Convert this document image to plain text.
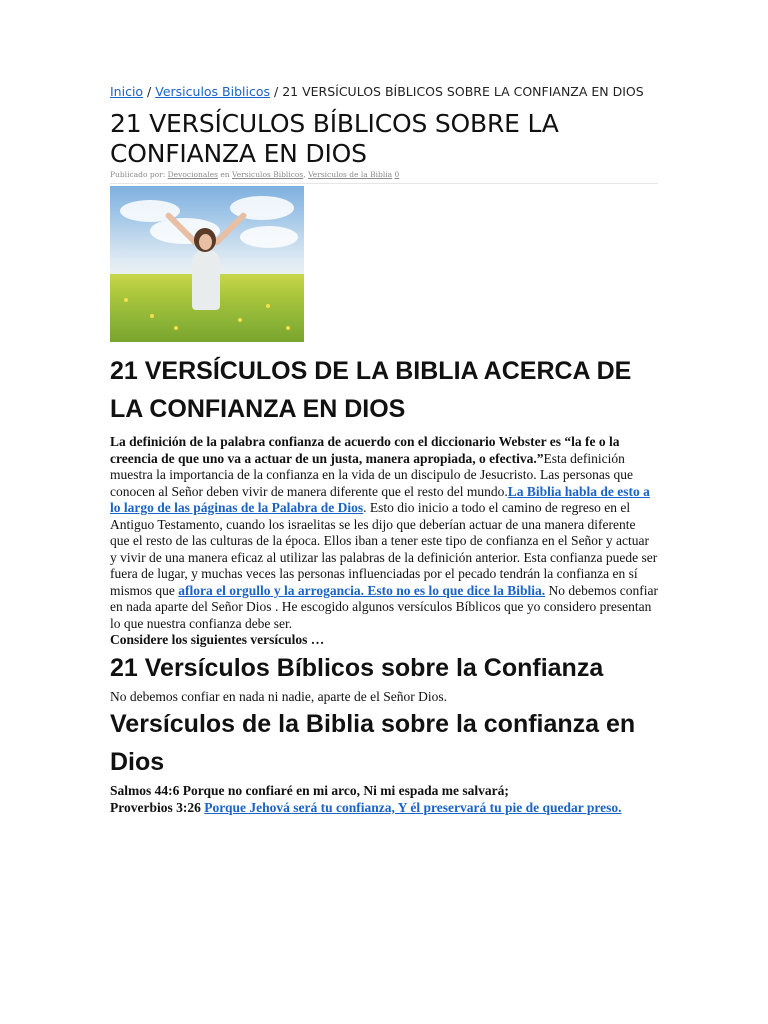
Inicio / Versiculos Biblicos / 21 VERSÍCULOS BÍBLICOS SOBRE LA CONFIANZA EN DIOS
21 VERSÍCULOS BÍBLICOS SOBRE LA CONFIANZA EN DIOS
Publicado por: Devocionales en Versiculos Biblicos, Versiculos de la Biblia 0
21 VERSÍCULOS DE LA BIBLIA ACERCA DE LA CONFIANZA EN DIOS
La definición de la palabra confianza de acuerdo con el diccionario Webster es “la fe o la creencia de que uno va a actuar de un justa, manera apropiada, o efectiva.”Esta definición muestra la importancia de la confianza en la vida de un discipulo de Jesucristo. Las personas que conocen al Señor deben vivir de manera diferente que el resto del mundo.La Biblia habla de esto a lo largo de las páginas de la Palabra de Dios. Esto dio inicio a todo el camino de regreso en el Antiguo Testamento, cuando los israelitas se les dijo que deberían actuar de una manera diferente que el resto de las culturas de la época. Ellos iban a tener este tipo de confianza en el Señor y actuar y vivir de una manera eficaz al utilizar las palabras de la definición anterior. Esta confianza puede ser fuera de lugar, y muchas veces las personas influenciadas por el pecado tendrán la confianza en sí mismos que aflora el orgullo y la arrogancia. Esto no es lo que dice la Biblia. No debemos confiar en nada aparte del Señor Dios . He escogido algunos versículos Bíblicos que yo considero presentan lo que nuestra confianza debe ser.
Considere los siguientes versículos …
21 Versículos Bíblicos sobre la Confianza
No debemos confiar en nada ni nadie, aparte de el Señor Dios.
Versículos de la Biblia sobre la confianza en Dios
Salmos 44:6 Porque no confiaré en mi arco, Ni mi espada me salvará;
Proverbios 3:26 Porque Jehová será tu confianza, Y él preservará tu pie de quedar preso.
